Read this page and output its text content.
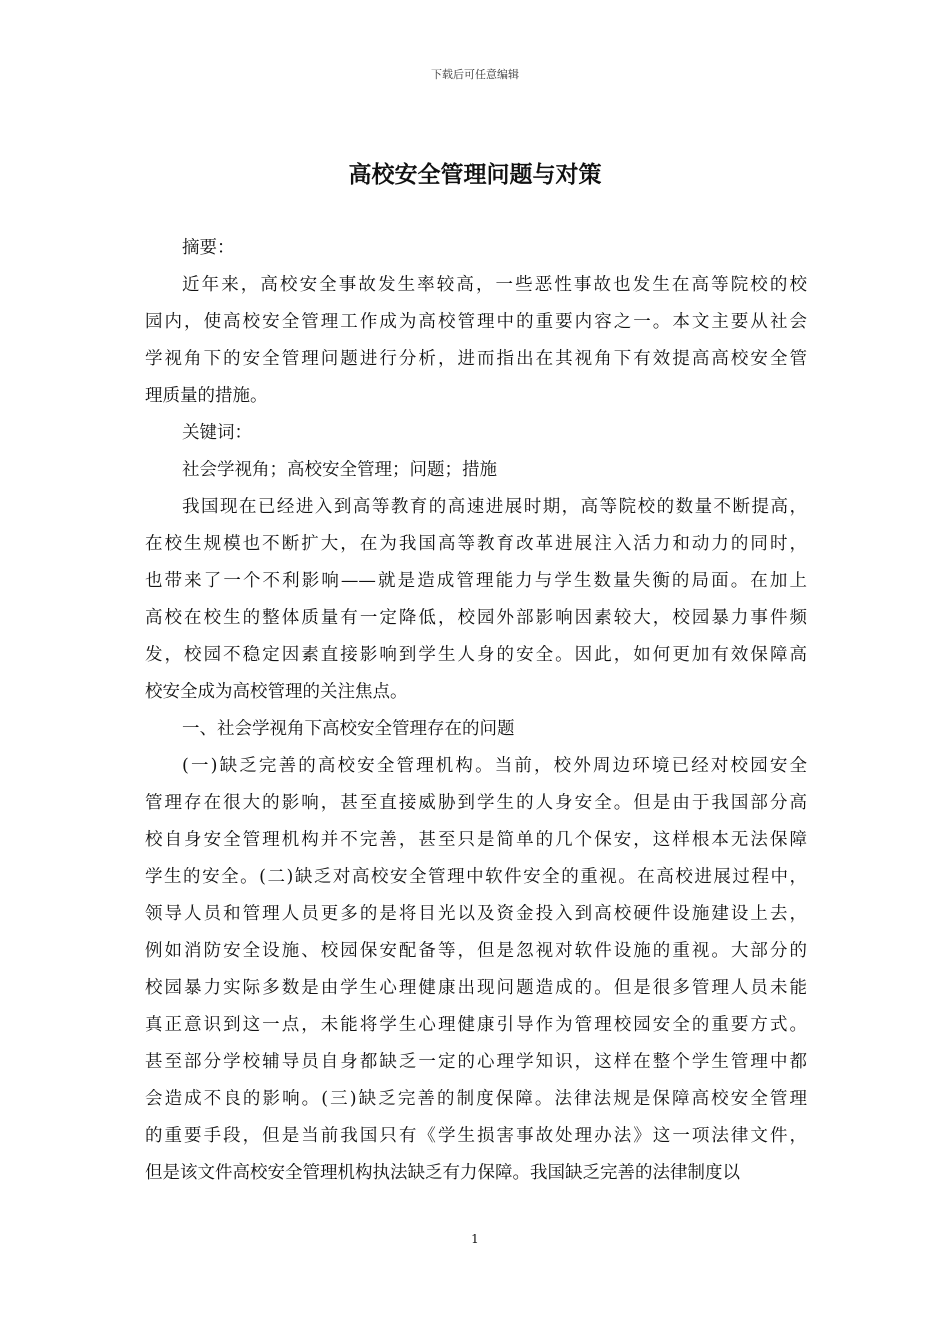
下载后可任意编辑
高校安全管理问题与对策
摘要：
近年来，高校安全事故发生率较高，一些恶性事故也发生在高等院校的校
园内，使高校安全管理工作成为高校管理中的重要内容之一。本文主要从社会
学视角下的安全管理问题进行分析，进而指出在其视角下有效提高高校安全管
理质量的措施。
关键词：
社会学视角；高校安全管理；问题；措施
我国现在已经进入到高等教育的高速进展时期，高等院校的数量不断提高，
在校生规模也不断扩大，在为我国高等教育改革进展注入活力和动力的同时，
也带来了一个不利影响——就是造成管理能力与学生数量失衡的局面。在加上
高校在校生的整体质量有一定降低，校园外部影响因素较大，校园暴力事件频
发，校园不稳定因素直接影响到学生人身的安全。因此，如何更加有效保障高
校安全成为高校管理的关注焦点。
一、社会学视角下高校安全管理存在的问题
(一)缺乏完善的高校安全管理机构。当前，校外周边环境已经对校园安全
管理存在很大的影响，甚至直接威胁到学生的人身安全。但是由于我国部分高
校自身安全管理机构并不完善，甚至只是简单的几个保安，这样根本无法保障
学生的安全。(二)缺乏对高校安全管理中软件安全的重视。在高校进展过程中，
领导人员和管理人员更多的是将目光以及资金投入到高校硬件设施建设上去，
例如消防安全设施、校园保安配备等，但是忽视对软件设施的重视。大部分的
校园暴力实际多数是由学生心理健康出现问题造成的。但是很多管理人员未能
真正意识到这一点，未能将学生心理健康引导作为管理校园安全的重要方式。
甚至部分学校辅导员自身都缺乏一定的心理学知识，这样在整个学生管理中都
会造成不良的影响。(三)缺乏完善的制度保障。法律法规是保障高校安全管理
的重要手段，但是当前我国只有《学生损害事故处理办法》这一项法律文件，
但是该文件高校安全管理机构执法缺乏有力保障。我国缺乏完善的法律制度以
1
